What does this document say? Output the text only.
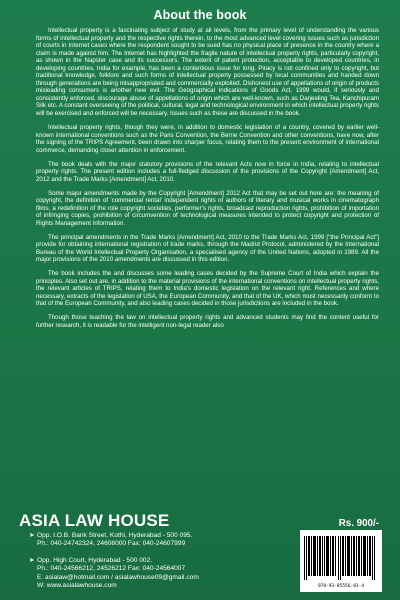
About the book

Intellectual property is a fascinating subject of study at all levels, from the primary level of understanding the various forms of intellectual property and the respective rights therein, to the most advanced level covering issues such as jurisdiction of courts in Internet cases where the respondent sought to be sued has no physical place of presence in the country where a claim is made against him. The Internet has highlighted the fragile nature of intellectual property rights, particularly copyright, as shown in the Napster case and its successors. The extent of patent protection, acceptable to developed countries, in developing countries, India for example, has been a contentious issue for long. Piracy is not confined only to copyright, but traditional knowledge, folklore and such forms of intellectual property possessed by local communities and handed down through generations are being misappropriated and commercially exploited. Dishonest use of appellations of origin of products misleading consumers is another new evil. The Geographical Indications of Goods Act, 1999 would, if seriously and consistently enforced, discourage abuse of appellations of origin which are well-known, such as Darjeeling Tea, Kanchipuram Silk etc. A constant overseeing of the political, cultural, legal and technological environment in which intellectual property rights will be exercised and enforced will be necessary. Issues such as these are discussed in the book.

Intellectual property rights, though they were, in addition to domestic legislation of a country, covered by earlier well-known international conventions such as the Paris Convention, the Berne Convention and other conventions, have now, after the signing of the TRIPS Agreement, been drawn into sharper focus, relating them to the present environment of international commerce, demanding closer attention in enforcement.

The book deals with the major statutory provisions of the relevant Acts now in force in India, relating to intellectual property rights. The present edition includes a full-fledged discussion of the provisions of the Copyright [Amendment] Act, 2012 and the Trade Marks [Amendment] Act, 2010.

Some major amendments made by the Copyright [Amendment] 2012 Act that may be set out here are: the meaning of copyright, the definition of 'commercial rental' independent rights of authors of literary and musical works in cinematograph films, a redefinition of the role copyright societies, performer's rights, broadcast reproduction rights, prohibition of importation of infringing copies, prohibition of circumvention of technological measures intended to protect copyright and protection of Rights Management Information.

The principal amendments in the Trade Marks [Amendment] Act, 2010 to the Trade Marks Act, 1999 ["the Principal Act"] provide for obtaining international registration of trade marks, through the Madrid Protocol, administered by the International Bureau of the World Intellectual Property Organisation, a specialised agency of the United Nations, adopted in 1989. All the major provisions of the 2010 amendments are discussed in this edition.

The book includes the and discusses some leading cases decided by the Supreme Court of India which explain the principles. Also set out are, in addition to the material provisions of the international conventions on intellectual property rights, the relevant articles of TRIPS, relating them to India's domestic legislation on the relevant right. References and where necessary, extracts of the legislation of USA, the European Community, and that of the UK, which must necessarily conform to that of the European Community, and also leading cases decided in those jurisdictions are included in the book.

Though those teaching the law on intellectual property rights and advanced students may find the content useful for further research, it is readable for the intelligent non-legal reader also

ASIA LAW HOUSE
➤ Opp. I.O.B. Bank Street, Kothi, Hyderabad - 500 095.
Ph.: 040-24742324, 24608000 Fax: 040-24607999
➤ Opp. High Court, Hyderabad - 500 002.
Ph.: 040-24566212, 24526212 Fax: 040-24564007
E: asialaw@hotmail.com / asialawhouse09@gmail.com
W: www.asialawhouse.com
Rs. 900/-
978-93-85556-81-4
